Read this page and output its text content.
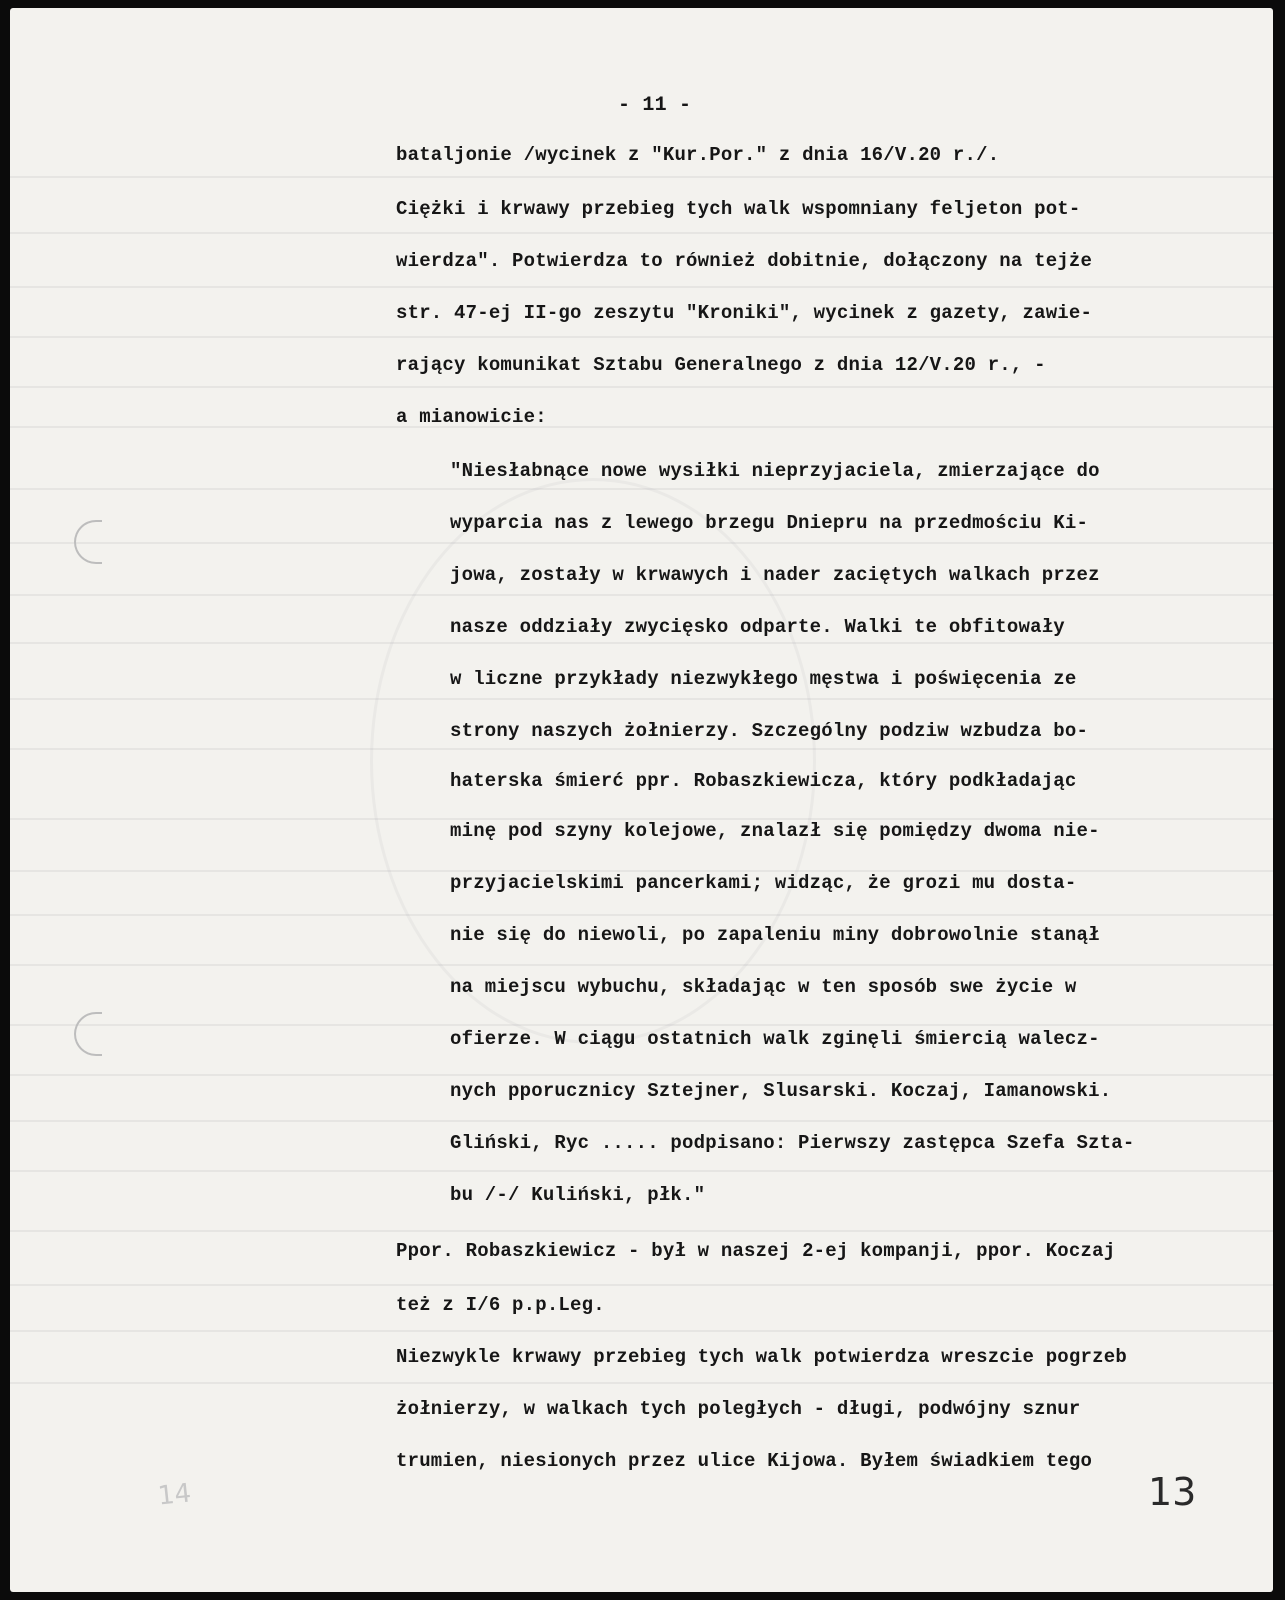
- 11 -
bataljonie /wycinek z "Kur.Por." z dnia 16/V.20 r./.
Ciężki i krwawy przebieg tych walk wspomniany feljeton pot-
wierdza". Potwierdza to również dobitnie, dołączony na tejże
str. 47-ej II-go zeszytu "Kroniki", wycinek z gazety, zawie-
rający komunikat Sztabu Generalnego z dnia 12/V.20 r., -
a mianowicie:
"Niesłabnące nowe wysiłki nieprzyjaciela, zmierzające do
wyparcia nas z lewego brzegu Dniepru na przedmościu Ki-
jowa, zostały w krwawych i nader zaciętych walkach przez
nasze oddziały zwycięsko odparte. Walki te obfitowały
w liczne przykłady niezwykłego męstwa i poświęcenia ze
strony naszych żołnierzy. Szczególny podziw wzbudza bo-
haterska śmierć ppr. Robaszkiewicza, który podkładając
minę pod szyny kolejowe, znalazł się pomiędzy dwoma nie-
przyjacielskimi pancerkami; widząc, że grozi mu dosta-
nie się do niewoli, po zapaleniu miny dobrowolnie stanął
na miejscu wybuchu, składając w ten sposób swe życie w
ofierze. W ciągu ostatnich walk zginęli śmiercią walecz-
nych pporucznicy Sztejner, Slusarski. Koczaj, Iamanowski.
Gliński, Ryc ..... podpisano: Pierwszy zastępca Szefa Szta-
bu /-/ Kuliński, płk."
Ppor. Robaszkiewicz - był w naszej 2-ej kompanji, ppor. Koczaj
też z I/6 p.p.Leg.
Niezwykle krwawy przebieg tych walk potwierdza wreszcie pogrzeb
żołnierzy, w walkach tych poległych - długi, podwójny sznur
trumien, niesionych przez ulice Kijowa. Byłem świadkiem tego
14	13
